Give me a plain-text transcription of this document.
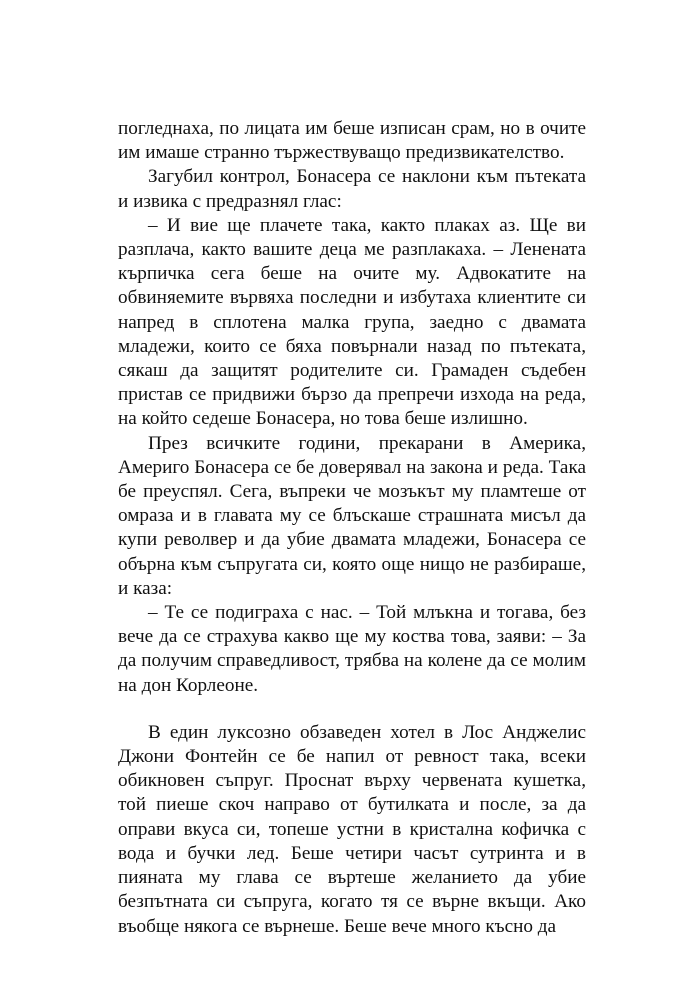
погледнаха, по лицата им беше изписан срам, но в очите им имаше странно тържествуващо предизвикателство.

Загубил контрол, Бонасера се наклони към пътеката и извика с предразнял глас:

– И вие ще плачете така, както плаках аз. Ще ви разплача, както вашите деца ме разплакаха. – Ленената кърпичка сега беше на очите му. Адвокатите на обвиняемите вървяха последни и избутаха клиентите си напред в сплотена малка група, заедно с двамата младежи, които се бяха повърнали назад по пътеката, сякаш да защитят родителите си. Грамаден съдебен пристав се придвижи бързо да препречи изхода на реда, на който седеше Бонасера, но това беше излишно.

През всичките години, прекарани в Америка, Америго Бонасера се бе доверявал на закона и реда. Така бе преуспял. Сега, въпреки че мозъкът му пламтеше от омраза и в главата му се блъскаше страшната мисъл да купи револвер и да убие двамата младежи, Бонасера се обърна към съпругата си, която още нищо не разбираше, и каза:

– Те се подиграха с нас. – Той млъкна и тогава, без вече да се страхува какво ще му коства това, заяви: – За да получим справедливост, трябва на колене да се молим на дон Корлеоне.

В един луксозно обзаведен хотел в Лос Анджелис Джони Фонтейн се бе напил от ревност така, всеки обикновен съпруг. Проснат върху червената кушетка, той пиеше скоч направо от бутилката и после, за да оправи вкуса си, топеше устни в кристална кофичка с вода и бучки лед. Беше четири часът сутринта и в пияната му глава се въртеше желанието да убие безпътната си съпруга, когато тя се върне вкъщи. Ако въобще някога се върнеше. Беше вече много късно да
